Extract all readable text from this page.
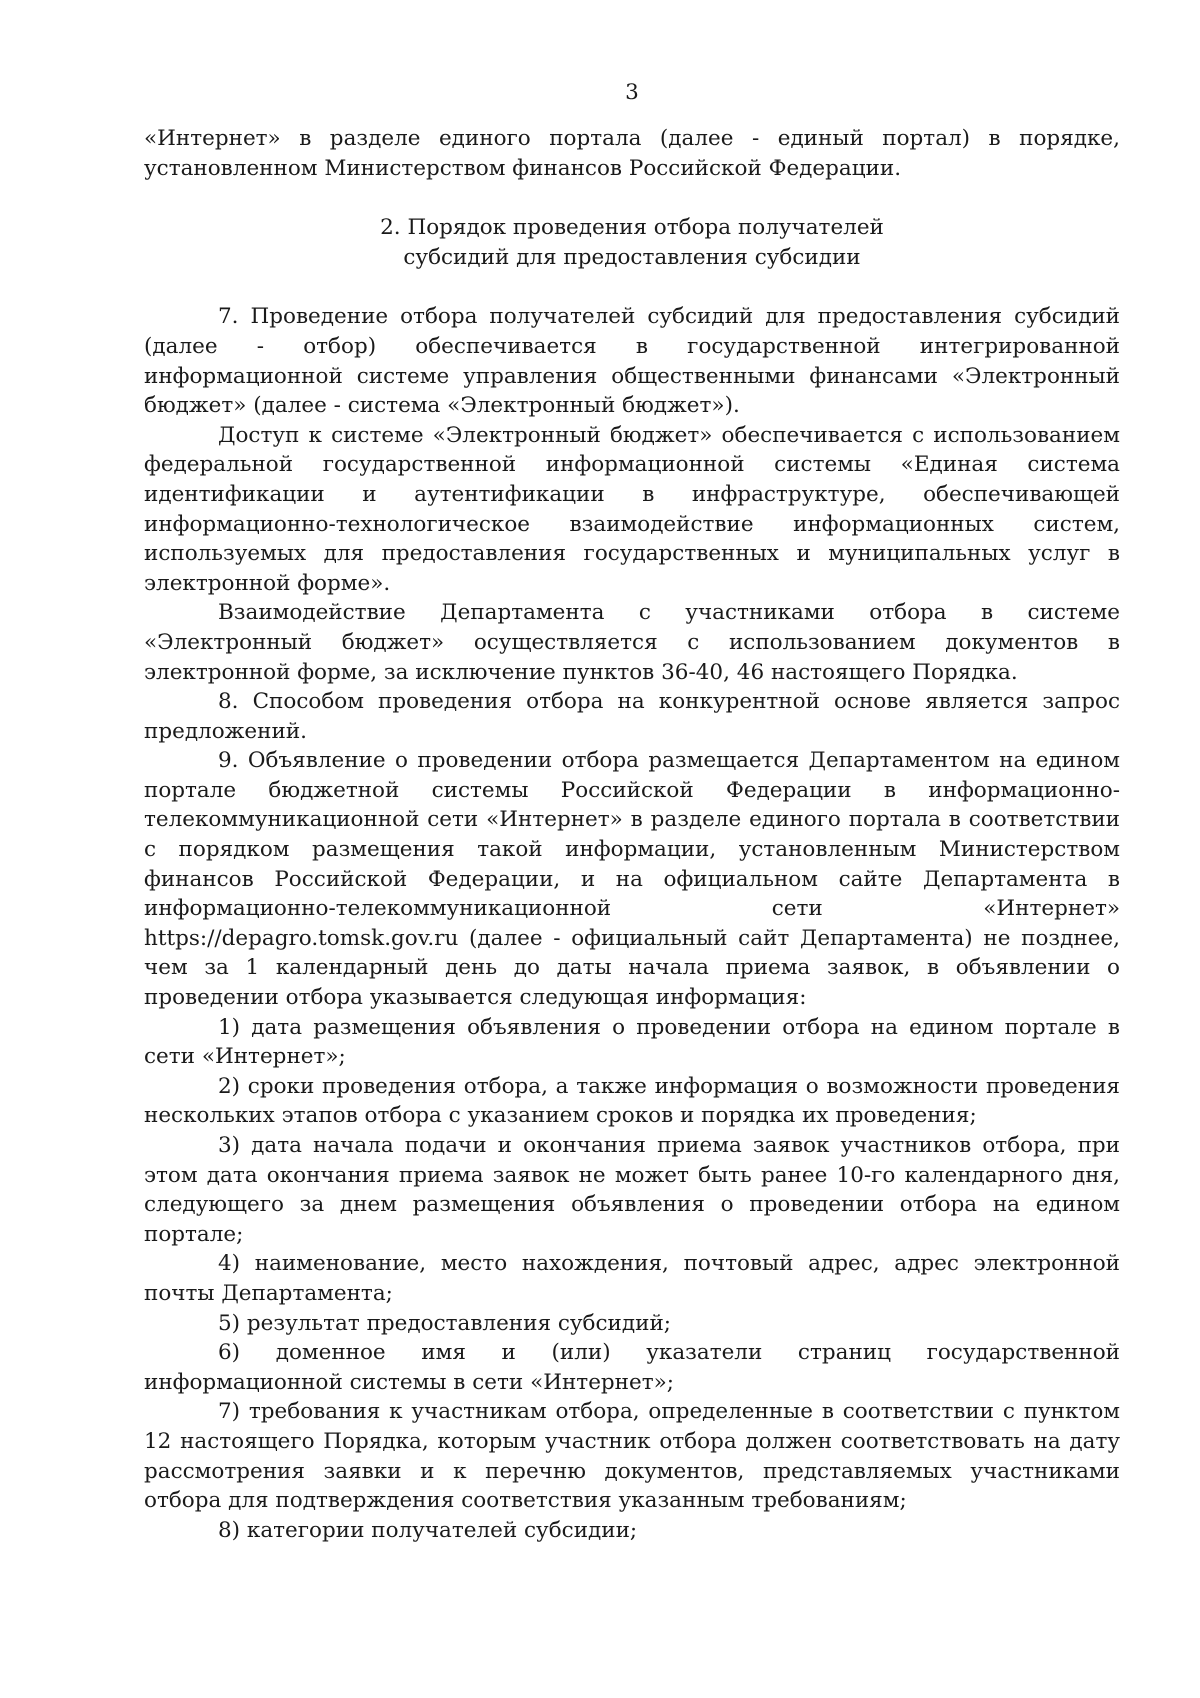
3

«Интернет» в разделе единого портала (далее - единый портал) в порядке, установленном Министерством финансов Российской Федерации.

2. Порядок проведения отбора получателей
субсидий для предоставления субсидии

7. Проведение отбора получателей субсидий для предоставления субсидий (далее - отбор) обеспечивается в государственной интегрированной информационной системе управления общественными финансами «Электронный бюджет» (далее - система «Электронный бюджет»).

Доступ к системе «Электронный бюджет» обеспечивается с использованием федеральной государственной информационной системы «Единая система идентификации и аутентификации в инфраструктуре, обеспечивающей информационно-технологическое взаимодействие информационных систем, используемых для предоставления государственных и муниципальных услуг в электронной форме».

Взаимодействие Департамента с участниками отбора в системе «Электронный бюджет» осуществляется с использованием документов в электронной форме, за исключение пунктов 36-40, 46 настоящего Порядка.

8. Способом проведения отбора на конкурентной основе является запрос предложений.

9. Объявление о проведении отбора размещается Департаментом на едином портале бюджетной системы Российской Федерации в информационно-телекоммуникационной сети «Интернет» в разделе единого портала в соответствии с порядком размещения такой информации, установленным Министерством финансов Российской Федерации, и на официальном сайте Департамента в информационно-телекоммуникационной сети «Интернет» https://depagro.tomsk.gov.ru (далее - официальный сайт Департамента) не позднее, чем за 1 календарный день до даты начала приема заявок, в объявлении о проведении отбора указывается следующая информация:

1) дата размещения объявления о проведении отбора на едином портале в сети «Интернет»;

2) сроки проведения отбора, а также информация о возможности проведения нескольких этапов отбора с указанием сроков и порядка их проведения;

3) дата начала подачи и окончания приема заявок участников отбора, при этом дата окончания приема заявок не может быть ранее 10-го календарного дня, следующего за днем размещения объявления о проведении отбора на едином портале;

4) наименование, место нахождения, почтовый адрес, адрес электронной почты Департамента;

5) результат предоставления субсидий;

6) доменное имя и (или) указатели страниц государственной информационной системы в сети «Интернет»;

7) требования к участникам отбора, определенные в соответствии с пунктом 12 настоящего Порядка, которым участник отбора должен соответствовать на дату рассмотрения заявки и к перечню документов, представляемых участниками отбора для подтверждения соответствия указанным требованиям;

8) категории получателей субсидии;
